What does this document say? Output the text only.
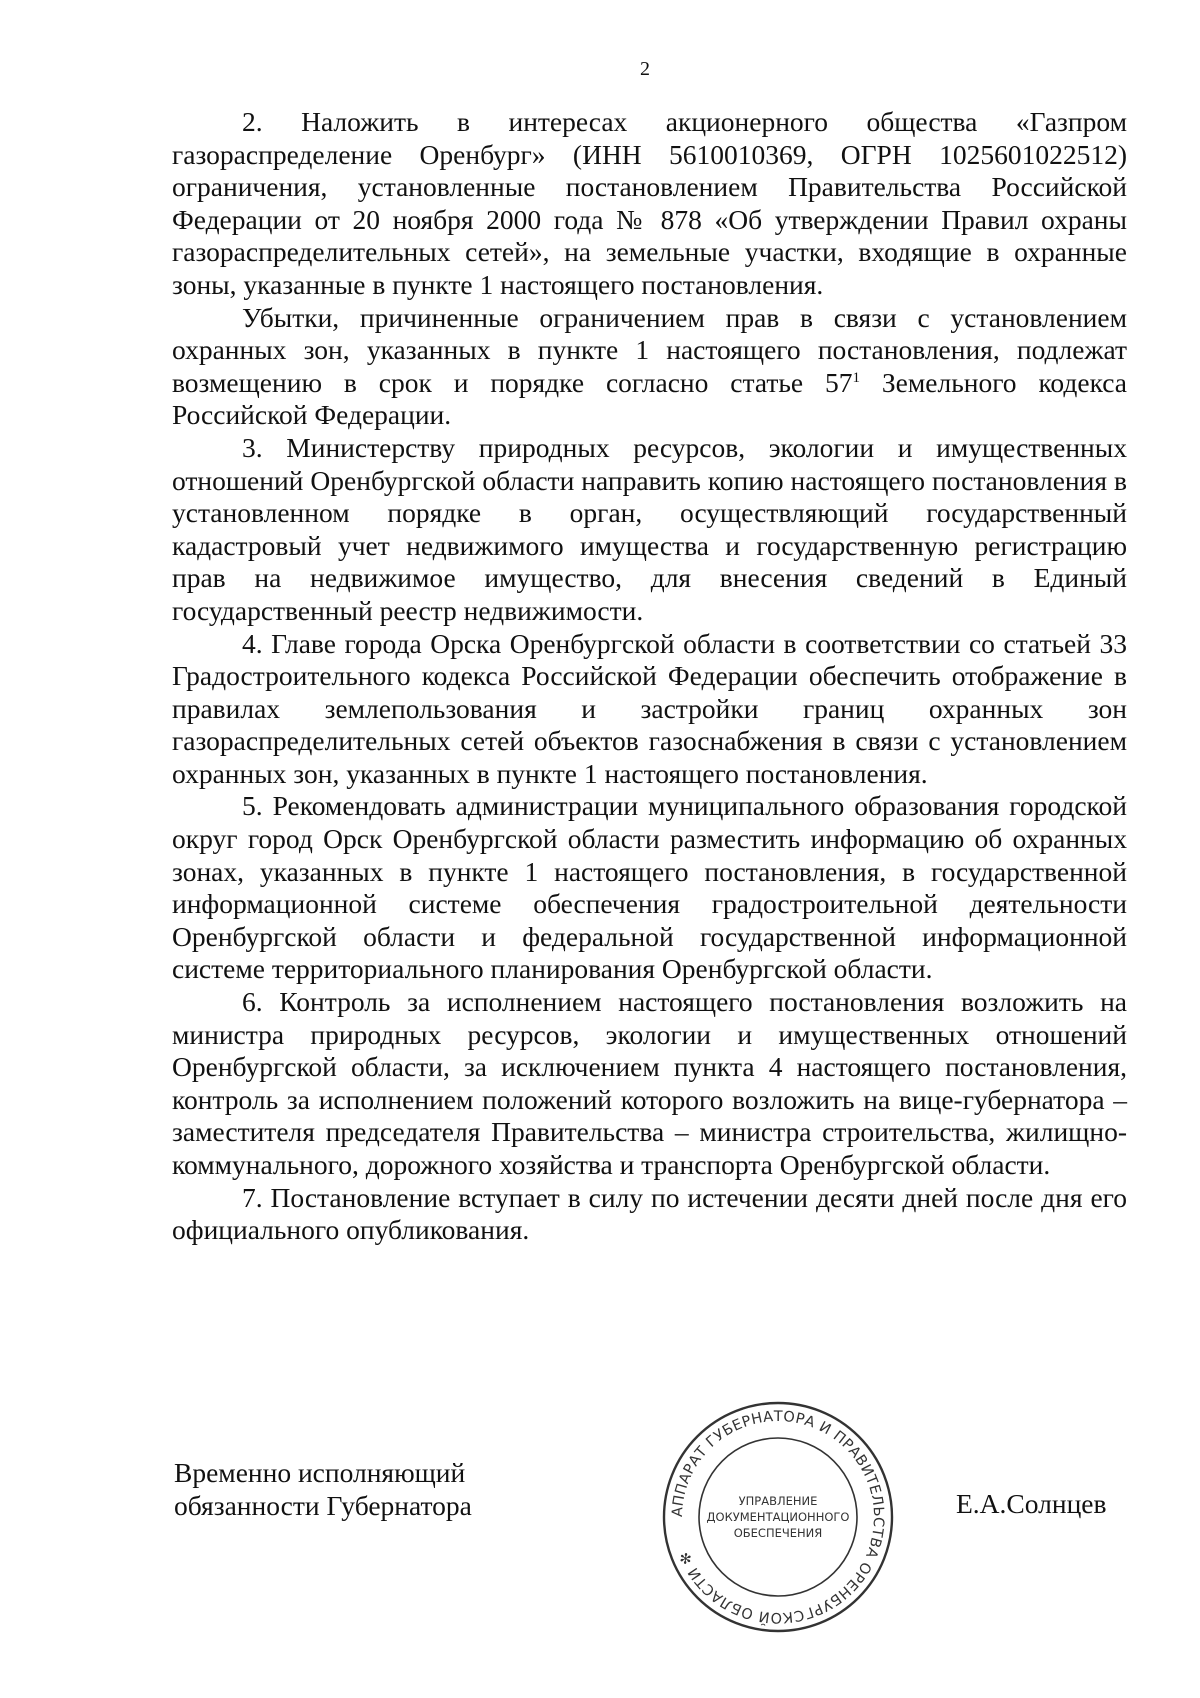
2

2. Наложить в интересах акционерного общества «Газпром газораспределение Оренбург» (ИНН 5610010369, ОГРН 1025601022512) ограничения, установленные постановлением Правительства Российской Федерации от 20 ноября 2000 года № 878 «Об утверждении Правил охраны газораспределительных сетей», на земельные участки, входящие в охранные зоны, указанные в пункте 1 настоящего постановления.

Убытки, причиненные ограничением прав в связи с установлением охранных зон, указанных в пункте 1 настоящего постановления, подлежат возмещению в срок и порядке согласно статье $57^1$ Земельного кодекса Российской Федерации.

3. Министерству природных ресурсов, экологии и имущественных отношений Оренбургской области направить копию настоящего постановления в установленном порядке в орган, осуществляющий государственный кадастровый учет недвижимого имущества и государственную регистрацию прав на недвижимое имущество, для внесения сведений в Единый государственный реестр недвижимости.

4. Главе города Орска Оренбургской области в соответствии со статьей 33 Градостроительного кодекса Российской Федерации обеспечить отображение в правилах землепользования и застройки границ охранных зон газораспределительных сетей объектов газоснабжения в связи с установлением охранных зон, указанных в пункте 1 настоящего постановления.

5. Рекомендовать администрации муниципального образования городской округ город Орск Оренбургской области разместить информацию об охранных зонах, указанных в пункте 1 настоящего постановления, в государственной информационной системе обеспечения градостроительной деятельности Оренбургской области и федеральной государственной информационной системе территориального планирования Оренбургской области.

6. Контроль за исполнением настоящего постановления возложить на министра природных ресурсов, экологии и имущественных отношений Оренбургской области, за исключением пункта 4 настоящего постановления, контроль за исполнением положений которого возложить на вице-губернатора – заместителя председателя Правительства – министра строительства, жилищно-коммунального, дорожного хозяйства и транспорта Оренбургской области.

7. Постановление вступает в силу по истечении десяти дней после дня его официального опубликования.

Временно исполняющий
обязанности Губернатора	Е.А.Солнцев
АППАРАТ ГУБЕРНАТОРА И ПРАВИТЕЛЬСТВА ОРЕНБУРГСКОЙ ОБЛАСТИ ✻
УПРАВЛЕНИЕ
ДОКУМЕНТАЦИОННОГО
ОБЕСПЕЧЕНИЯ
